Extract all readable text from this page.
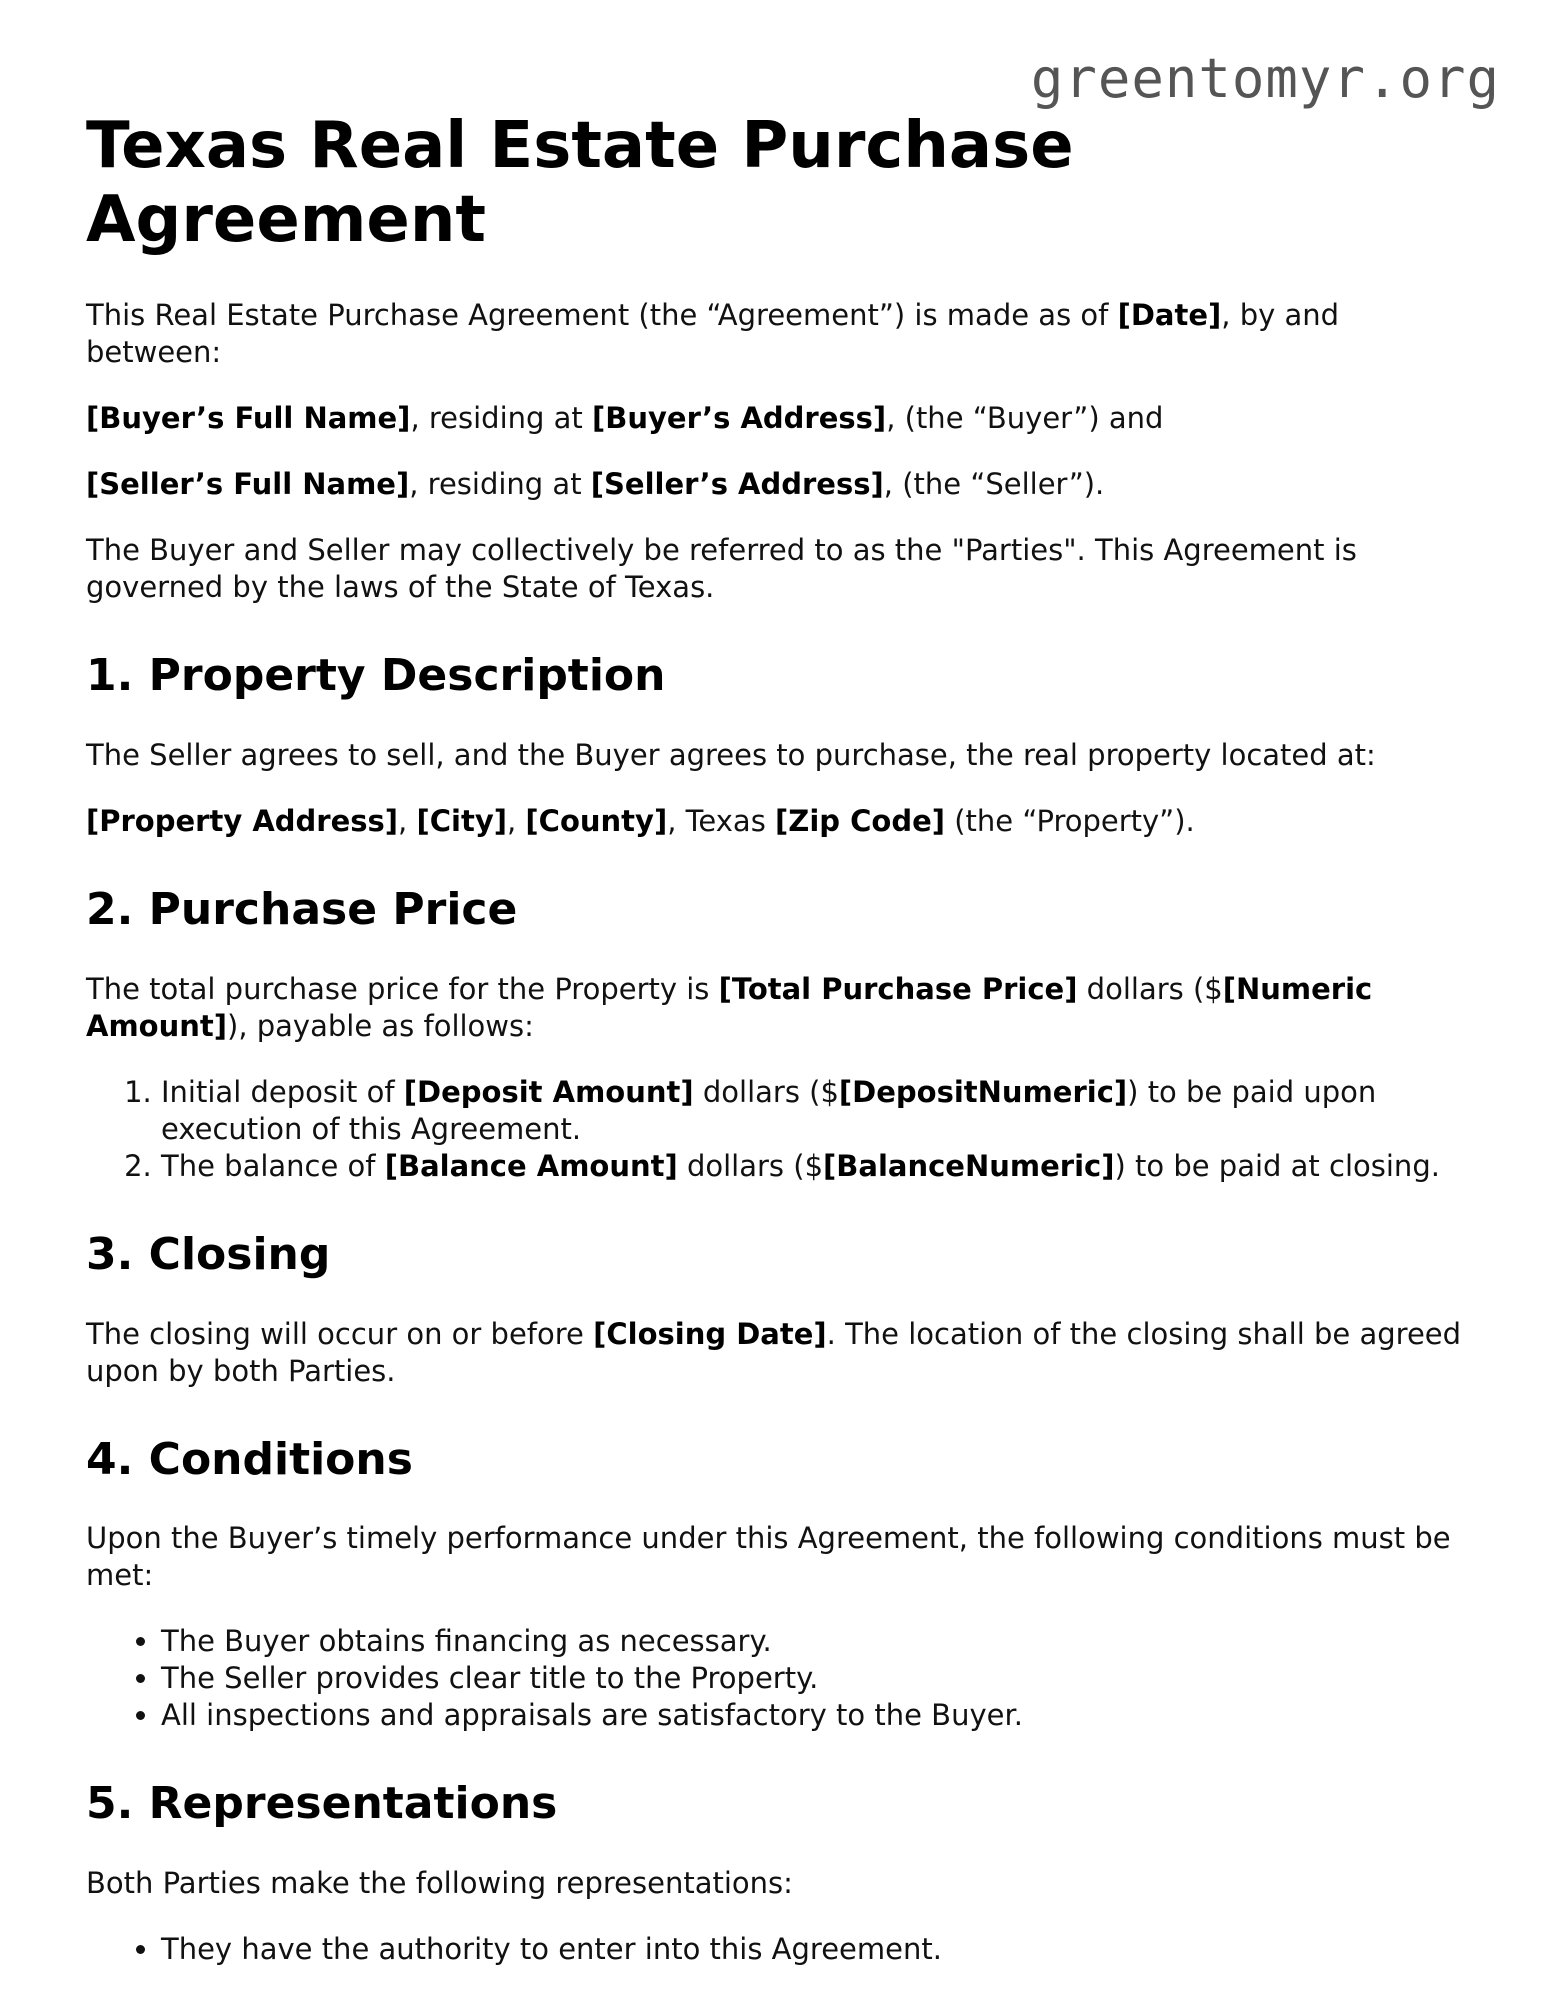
greentomyr.org
Texas Real Estate Purchase Agreement

This Real Estate Purchase Agreement (the “Agreement”) is made as of [Date], by and between:

[Buyer’s Full Name], residing at [Buyer’s Address], (the “Buyer”) and

[Seller’s Full Name], residing at [Seller’s Address], (the “Seller”).

The Buyer and Seller may collectively be referred to as the "Parties". This Agreement is governed by the laws of the State of Texas.

1. Property Description

The Seller agrees to sell, and the Buyer agrees to purchase, the real property located at:

[Property Address], [City], [County], Texas [Zip Code] (the “Property”).

2. Purchase Price

The total purchase price for the Property is [Total Purchase Price] dollars ($[Numeric Amount]), payable as follows:

1. Initial deposit of [Deposit Amount] dollars ($[DepositNumeric]) to be paid upon execution of this Agreement.
2. The balance of [Balance Amount] dollars ($[BalanceNumeric]) to be paid at closing.
3. Closing

The closing will occur on or before [Closing Date]. The location of the closing shall be agreed upon by both Parties.

4. Conditions

Upon the Buyer’s timely performance under this Agreement, the following conditions must be met:

• The Buyer obtains financing as necessary.
• The Seller provides clear title to the Property.
• All inspections and appraisals are satisfactory to the Buyer.
5. Representations

Both Parties make the following representations:

• They have the authority to enter into this Agreement.
